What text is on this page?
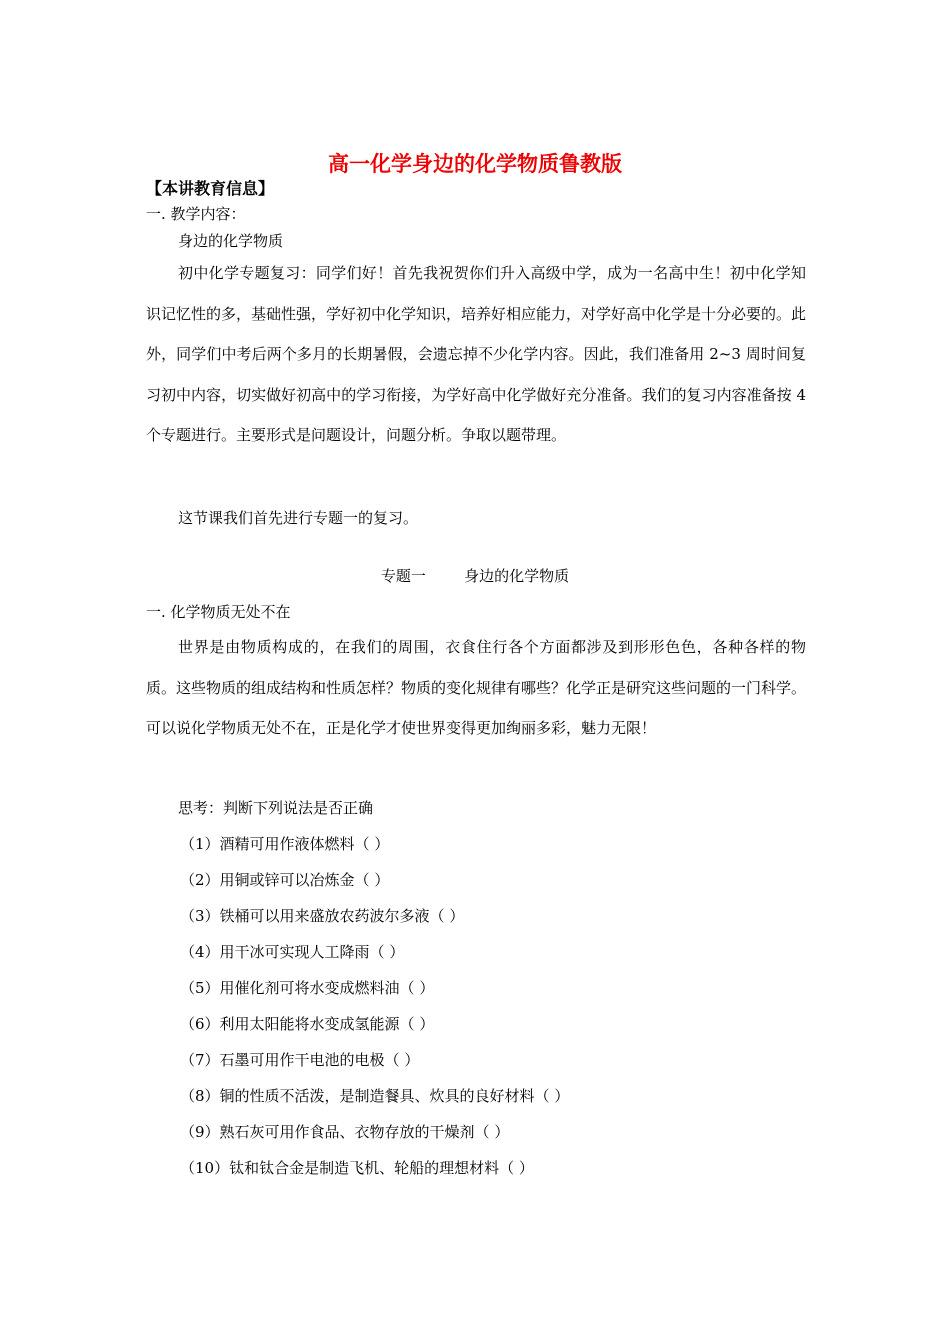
高一化学身边的化学物质鲁教版
【本讲教育信息】
一. 教学内容：
身边的化学物质
初中化学专题复习：同学们好！首先我祝贺你们升入高级中学，成为一名高中生！初中化学知识记忆性的多，基础性强，学好初中化学知识，培养好相应能力，对学好高中化学是十分必要的。此外，同学们中考后两个多月的长期暑假，会遗忘掉不少化学内容。因此，我们准备用 2~3 周时间复习初中内容，切实做好初高中的学习衔接，为学好高中化学做好充分准备。我们的复习内容准备按 4 个专题进行。主要形式是问题设计，问题分析。争取以题带理。
这节课我们首先进行专题一的复习。
专题一        身边的化学物质
一. 化学物质无处不在
世界是由物质构成的，在我们的周围，衣食住行各个方面都涉及到形形色色，各种各样的物质。这些物质的组成结构和性质怎样？物质的变化规律有哪些？化学正是研究这些问题的一门科学。可以说化学物质无处不在，正是化学才使世界变得更加绚丽多彩，魅力无限！
思考：判断下列说法是否正确
（1）酒精可用作液体燃料（ ）
（2）用铜或锌可以冶炼金（ ）
（3）铁桶可以用来盛放农药波尔多液（ ）
（4）用干冰可实现人工降雨（ ）
（5）用催化剂可将水变成燃料油（ ）
（6）利用太阳能将水变成氢能源（ ）
（7）石墨可用作干电池的电极（ ）
（8）铜的性质不活泼，是制造餐具、炊具的良好材料（ ）
（9）熟石灰可用作食品、衣物存放的干燥剂（ ）
（10）钛和钛合金是制造飞机、轮船的理想材料（ ）
